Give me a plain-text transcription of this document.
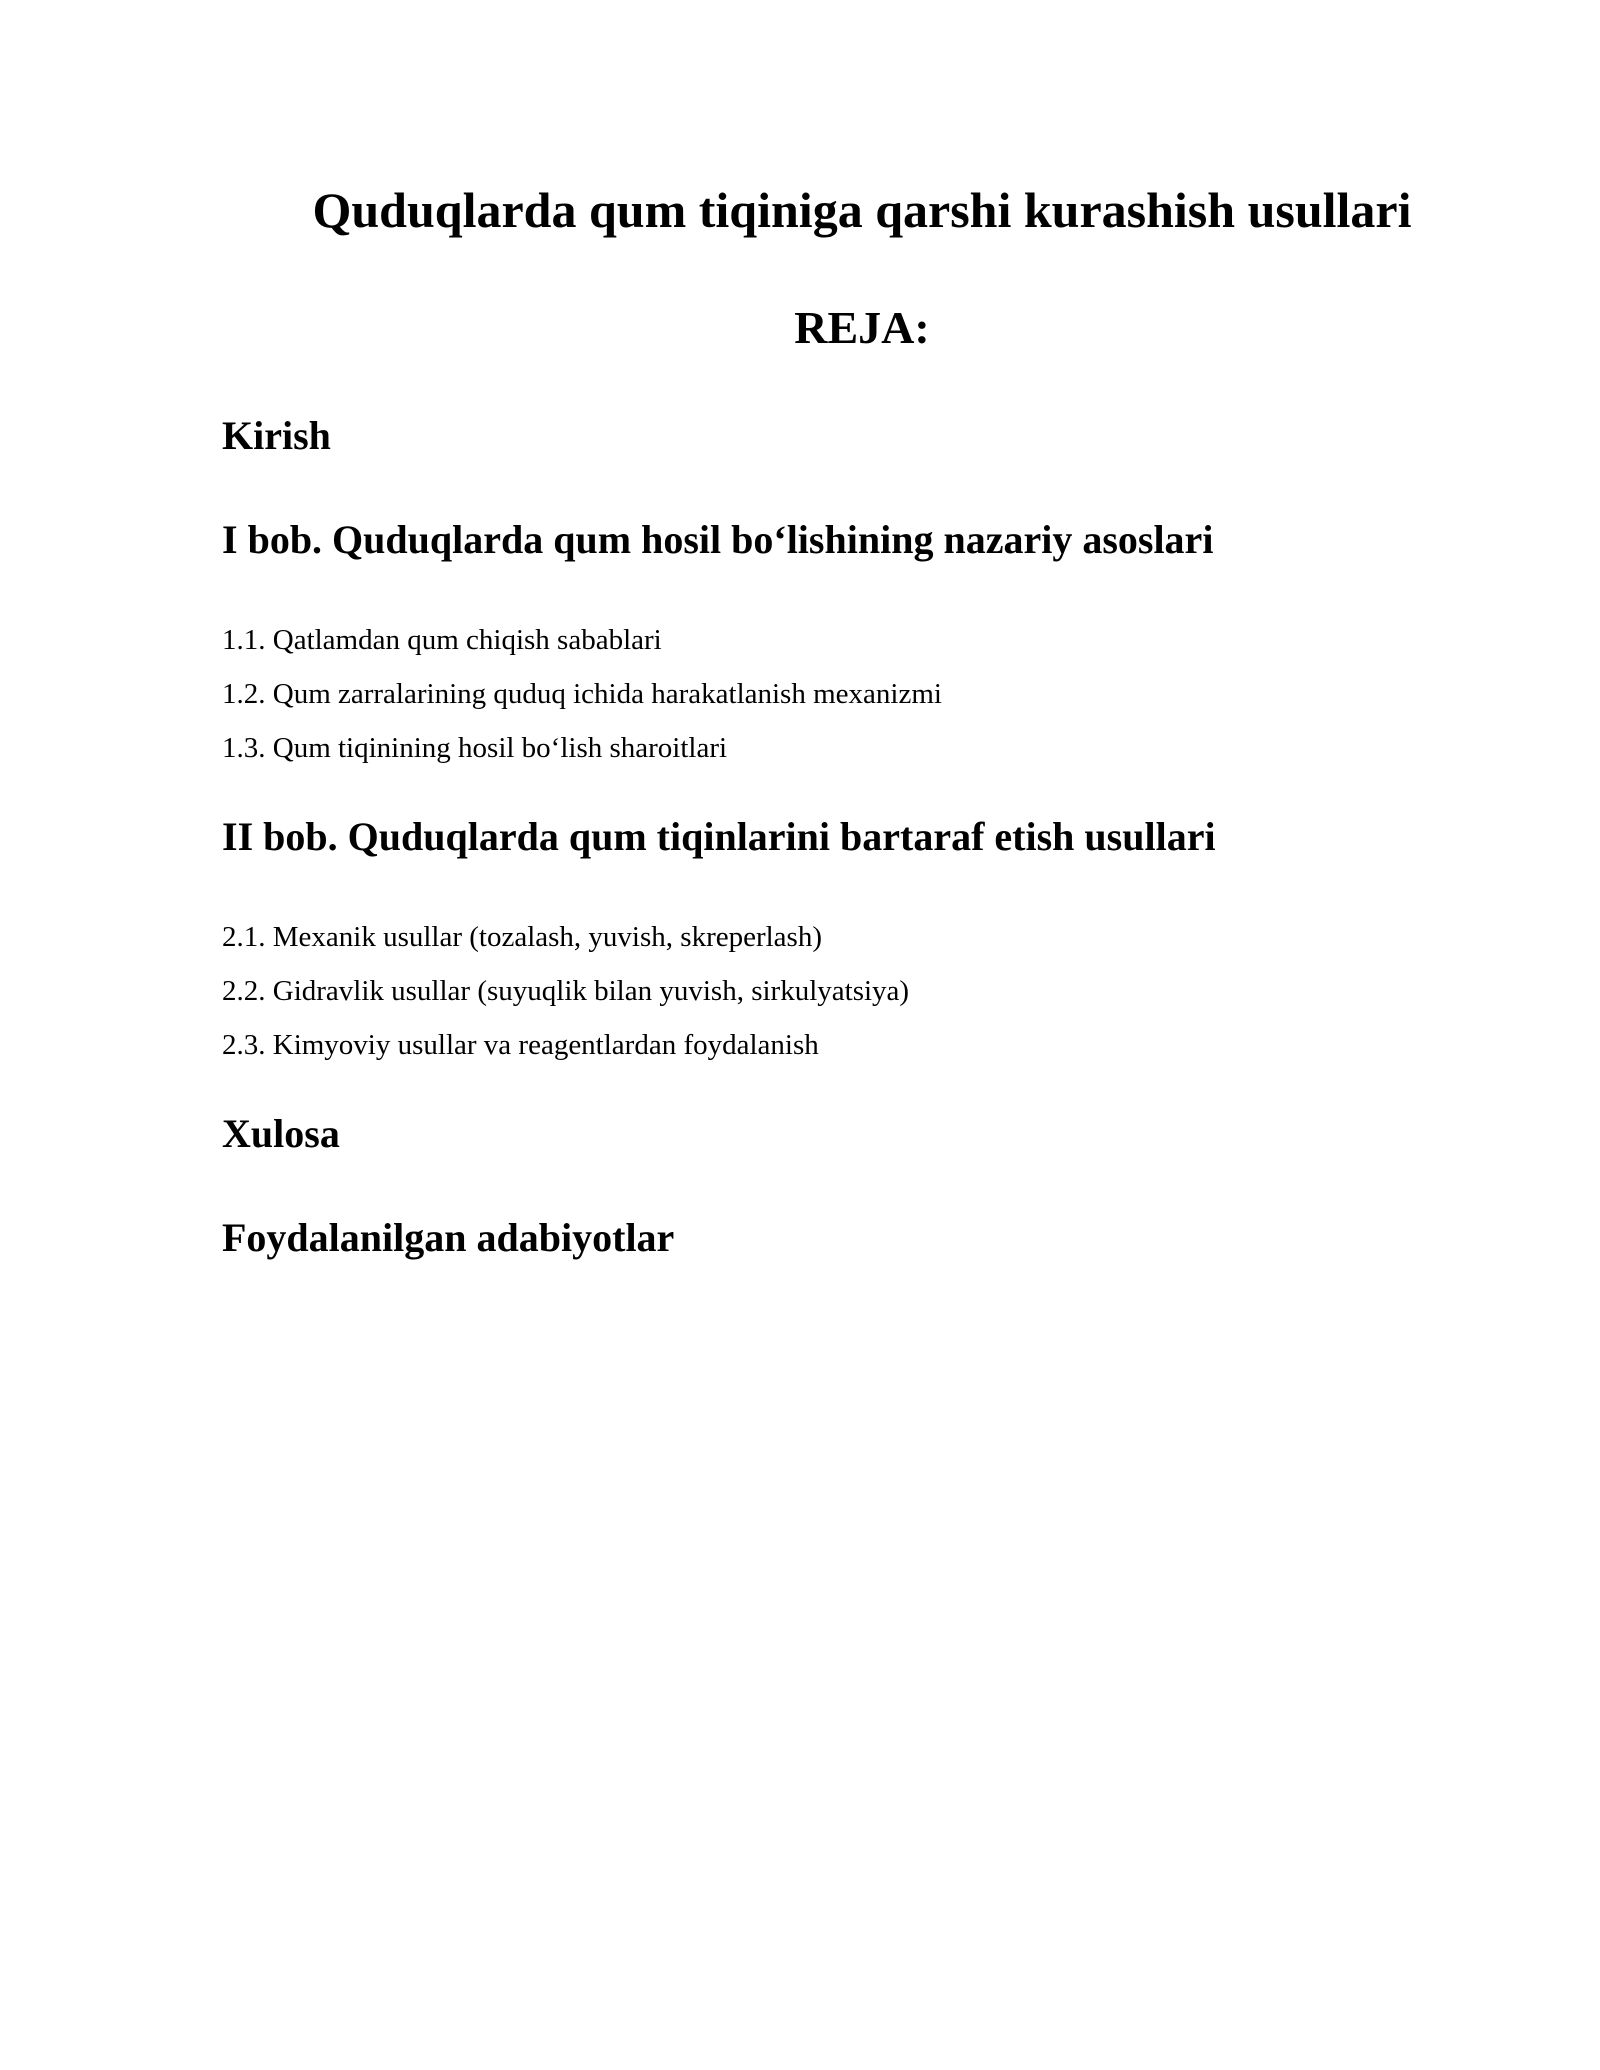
Quduqlarda qum tiqiniga qarshi kurashish usullari
REJA:
Kirish
I bob. Quduqlarda qum hosil bo‘lishining nazariy asoslari

1.1. Qatlamdan qum chiqish sabablari

1.2. Qum zarralarining quduq ichida harakatlanish mexanizmi

1.3. Qum tiqinining hosil bo‘lish sharoitlari

II bob. Quduqlarda qum tiqinlarini bartaraf etish usullari

2.1. Mexanik usullar (tozalash, yuvish, skreperlash)

2.2. Gidravlik usullar (suyuqlik bilan yuvish, sirkulyatsiya)

2.3. Kimyoviy usullar va reagentlardan foydalanish

Xulosa
Foydalanilgan adabiyotlar
